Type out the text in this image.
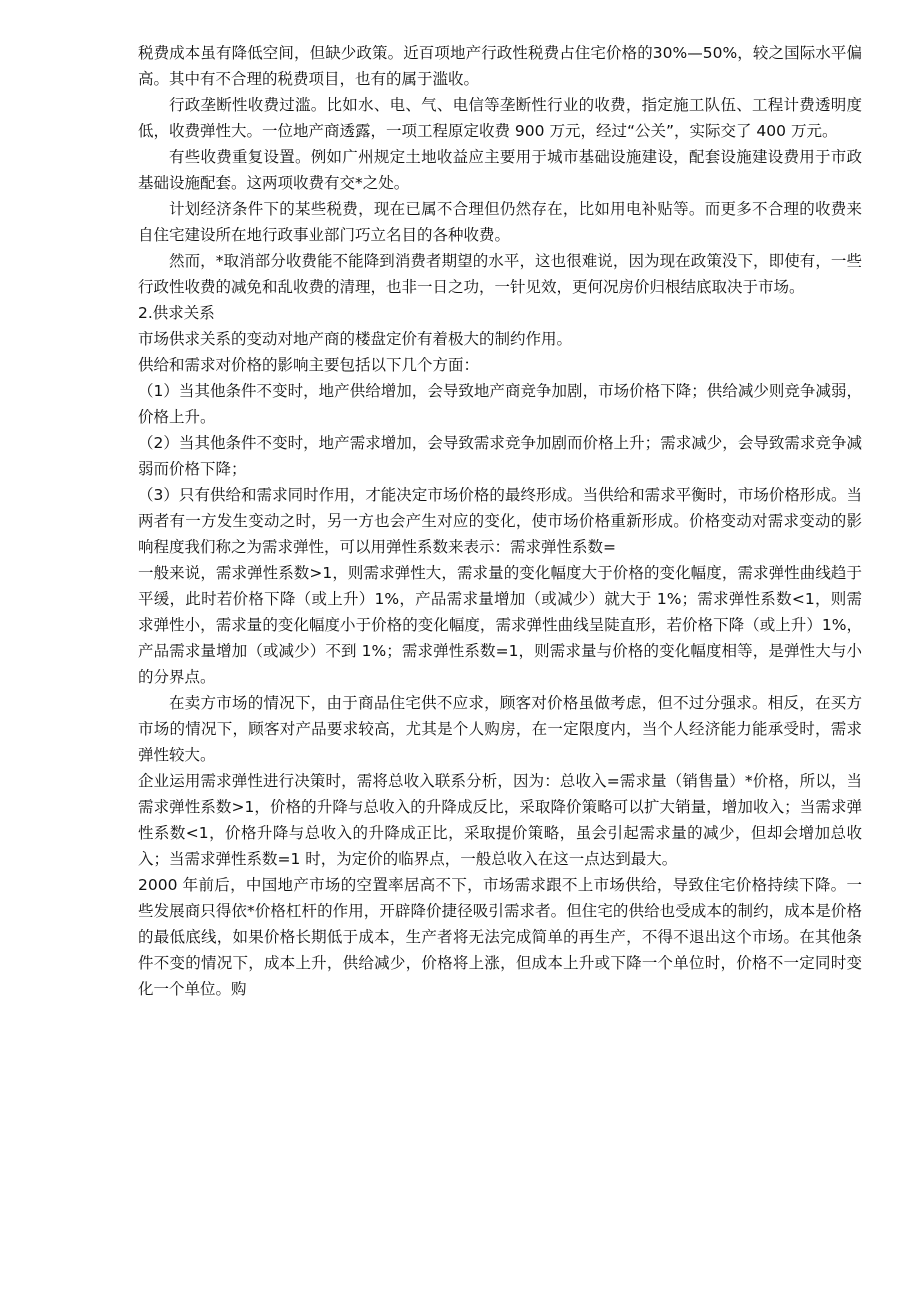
税费成本虽有降低空间，但缺少政策。近百项地产行政性税费占住宅价格的30%—50%，较之国际水平偏高。其中有不合理的税费项目，也有的属于滥收。

行政垄断性收费过滥。比如水、电、气、电信等垄断性行业的收费，指定施工队伍、工程计费透明度低，收费弹性大。一位地产商透露，一项工程原定收费 900 万元，经过“公关”，实际交了 400 万元。

有些收费重复设置。例如广州规定土地收益应主要用于城市基础设施建设，配套设施建设费用于市政基础设施配套。这两项收费有交*之处。

计划经济条件下的某些税费，现在已属不合理但仍然存在，比如用电补贴等。而更多不合理的收费来自住宅建设所在地行政事业部门巧立名目的各种收费。

然而，*取消部分收费能不能降到消费者期望的水平，这也很难说，因为现在政策没下，即使有，一些行政性收费的减免和乱收费的清理，也非一日之功，一针见效，更何况房价归根结底取决于市场。

2.供求关系

市场供求关系的变动对地产商的楼盘定价有着极大的制约作用。

供给和需求对价格的影响主要包括以下几个方面：

（1）当其他条件不变时，地产供给增加，会导致地产商竞争加剧，市场价格下降；供给减少则竞争减弱，价格上升。

（2）当其他条件不变时，地产需求增加，会导致需求竞争加剧而价格上升；需求减少，会导致需求竞争减弱而价格下降；

（3）只有供给和需求同时作用，才能决定市场价格的最终形成。当供给和需求平衡时，市场价格形成。当两者有一方发生变动之时，另一方也会产生对应的变化，使市场价格重新形成。价格变动对需求变动的影响程度我们称之为需求弹性，可以用弹性系数来表示：需求弹性系数=

一般来说，需求弹性系数>1，则需求弹性大，需求量的变化幅度大于价格的变化幅度，需求弹性曲线趋于平缓，此时若价格下降（或上升）1%，产品需求量增加（或减少）就大于 1%；需求弹性系数<1，则需求弹性小，需求量的变化幅度小于价格的变化幅度，需求弹性曲线呈陡直形，若价格下降（或上升）1%，产品需求量增加（或减少）不到 1%；需求弹性系数=1，则需求量与价格的变化幅度相等，是弹性大与小的分界点。

在卖方市场的情况下，由于商品住宅供不应求，顾客对价格虽做考虑，但不过分强求。相反，在买方市场的情况下，顾客对产品要求较高，尤其是个人购房，在一定限度内，当个人经济能力能承受时，需求弹性较大。

企业运用需求弹性进行决策时，需将总收入联系分析，因为：总收入=需求量（销售量）*价格，所以，当需求弹性系数>1，价格的升降与总收入的升降成反比，采取降价策略可以扩大销量，增加收入；当需求弹性系数<1，价格升降与总收入的升降成正比，采取提价策略，虽会引起需求量的减少，但却会增加总收入；当需求弹性系数=1 时，为定价的临界点，一般总收入在这一点达到最大。

2000 年前后，中国地产市场的空置率居高不下，市场需求跟不上市场供给，导致住宅价格持续下降。一些发展商只得依*价格杠杆的作用，开辟降价捷径吸引需求者。但住宅的供给也受成本的制约，成本是价格的最低底线，如果价格长期低于成本，生产者将无法完成简单的再生产，不得不退出这个市场。在其他条件不变的情况下，成本上升，供给减少，价格将上涨，但成本上升或下降一个单位时，价格不一定同时变化一个单位。购
